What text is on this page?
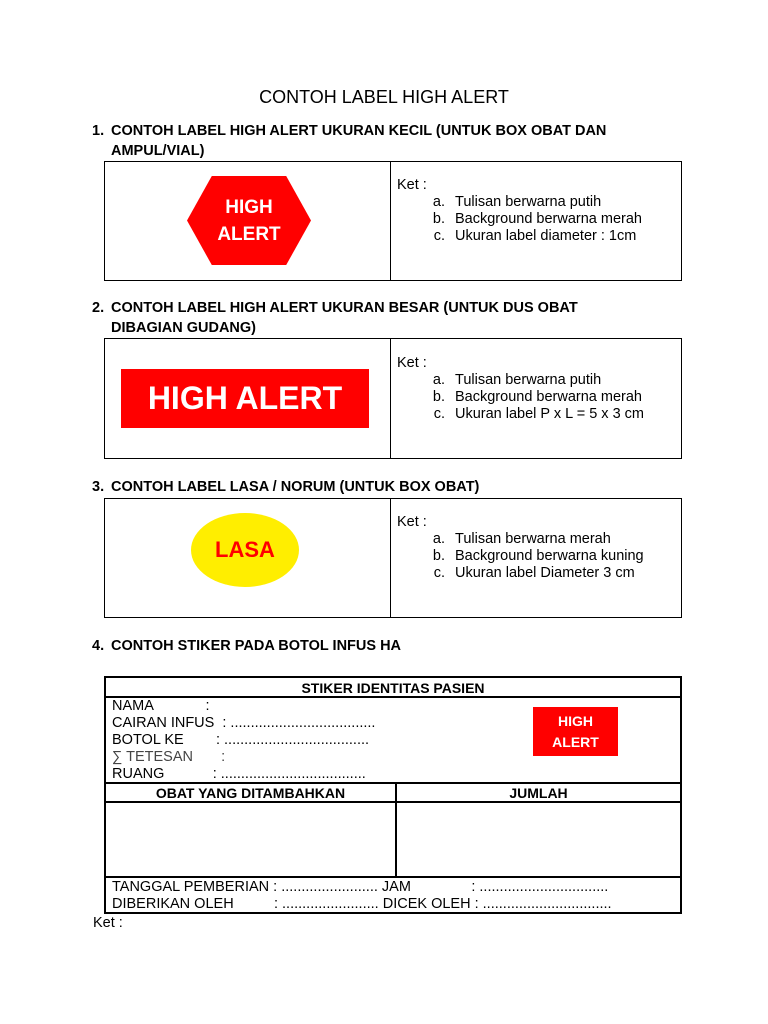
CONTOH LABEL HIGH ALERT
1. CONTOH LABEL HIGH ALERT UKURAN KECIL (UNTUK BOX OBAT DAN
AMPUL/VIAL)
HIGH
ALERT
Ket :
a. Tulisan berwarna putih
b. Background berwarna merah
c. Ukuran label diameter : 1cm
2. CONTOH LABEL HIGH ALERT UKURAN BESAR (UNTUK DUS OBAT
DIBAGIAN GUDANG)
HIGH ALERT
Ket :
a. Tulisan berwarna putih
b. Background berwarna merah
c. Ukuran label P x L = 5 x 3 cm
3. CONTOH LABEL LASA / NORUM (UNTUK BOX OBAT)
LASA
Ket :
a. Tulisan berwarna merah
b. Background berwarna kuning
c. Ukuran label Diameter 3 cm
4. CONTOH STIKER PADA BOTOL INFUS HA
STIKER IDENTITAS PASIEN
NAMA             :
CAIRAN INFUS  : ....................................
BOTOL KE        : ....................................
∑ TETESAN       :
RUANG            : ....................................
OBAT YANG DITAMBAHKAN	JUMLAH
TANGGAL PEMBERIAN : ........................ JAM               : ................................
DIBERIKAN OLEH          : ........................ DICEK OLEH : ................................
HIGH
ALERT
Ket :
